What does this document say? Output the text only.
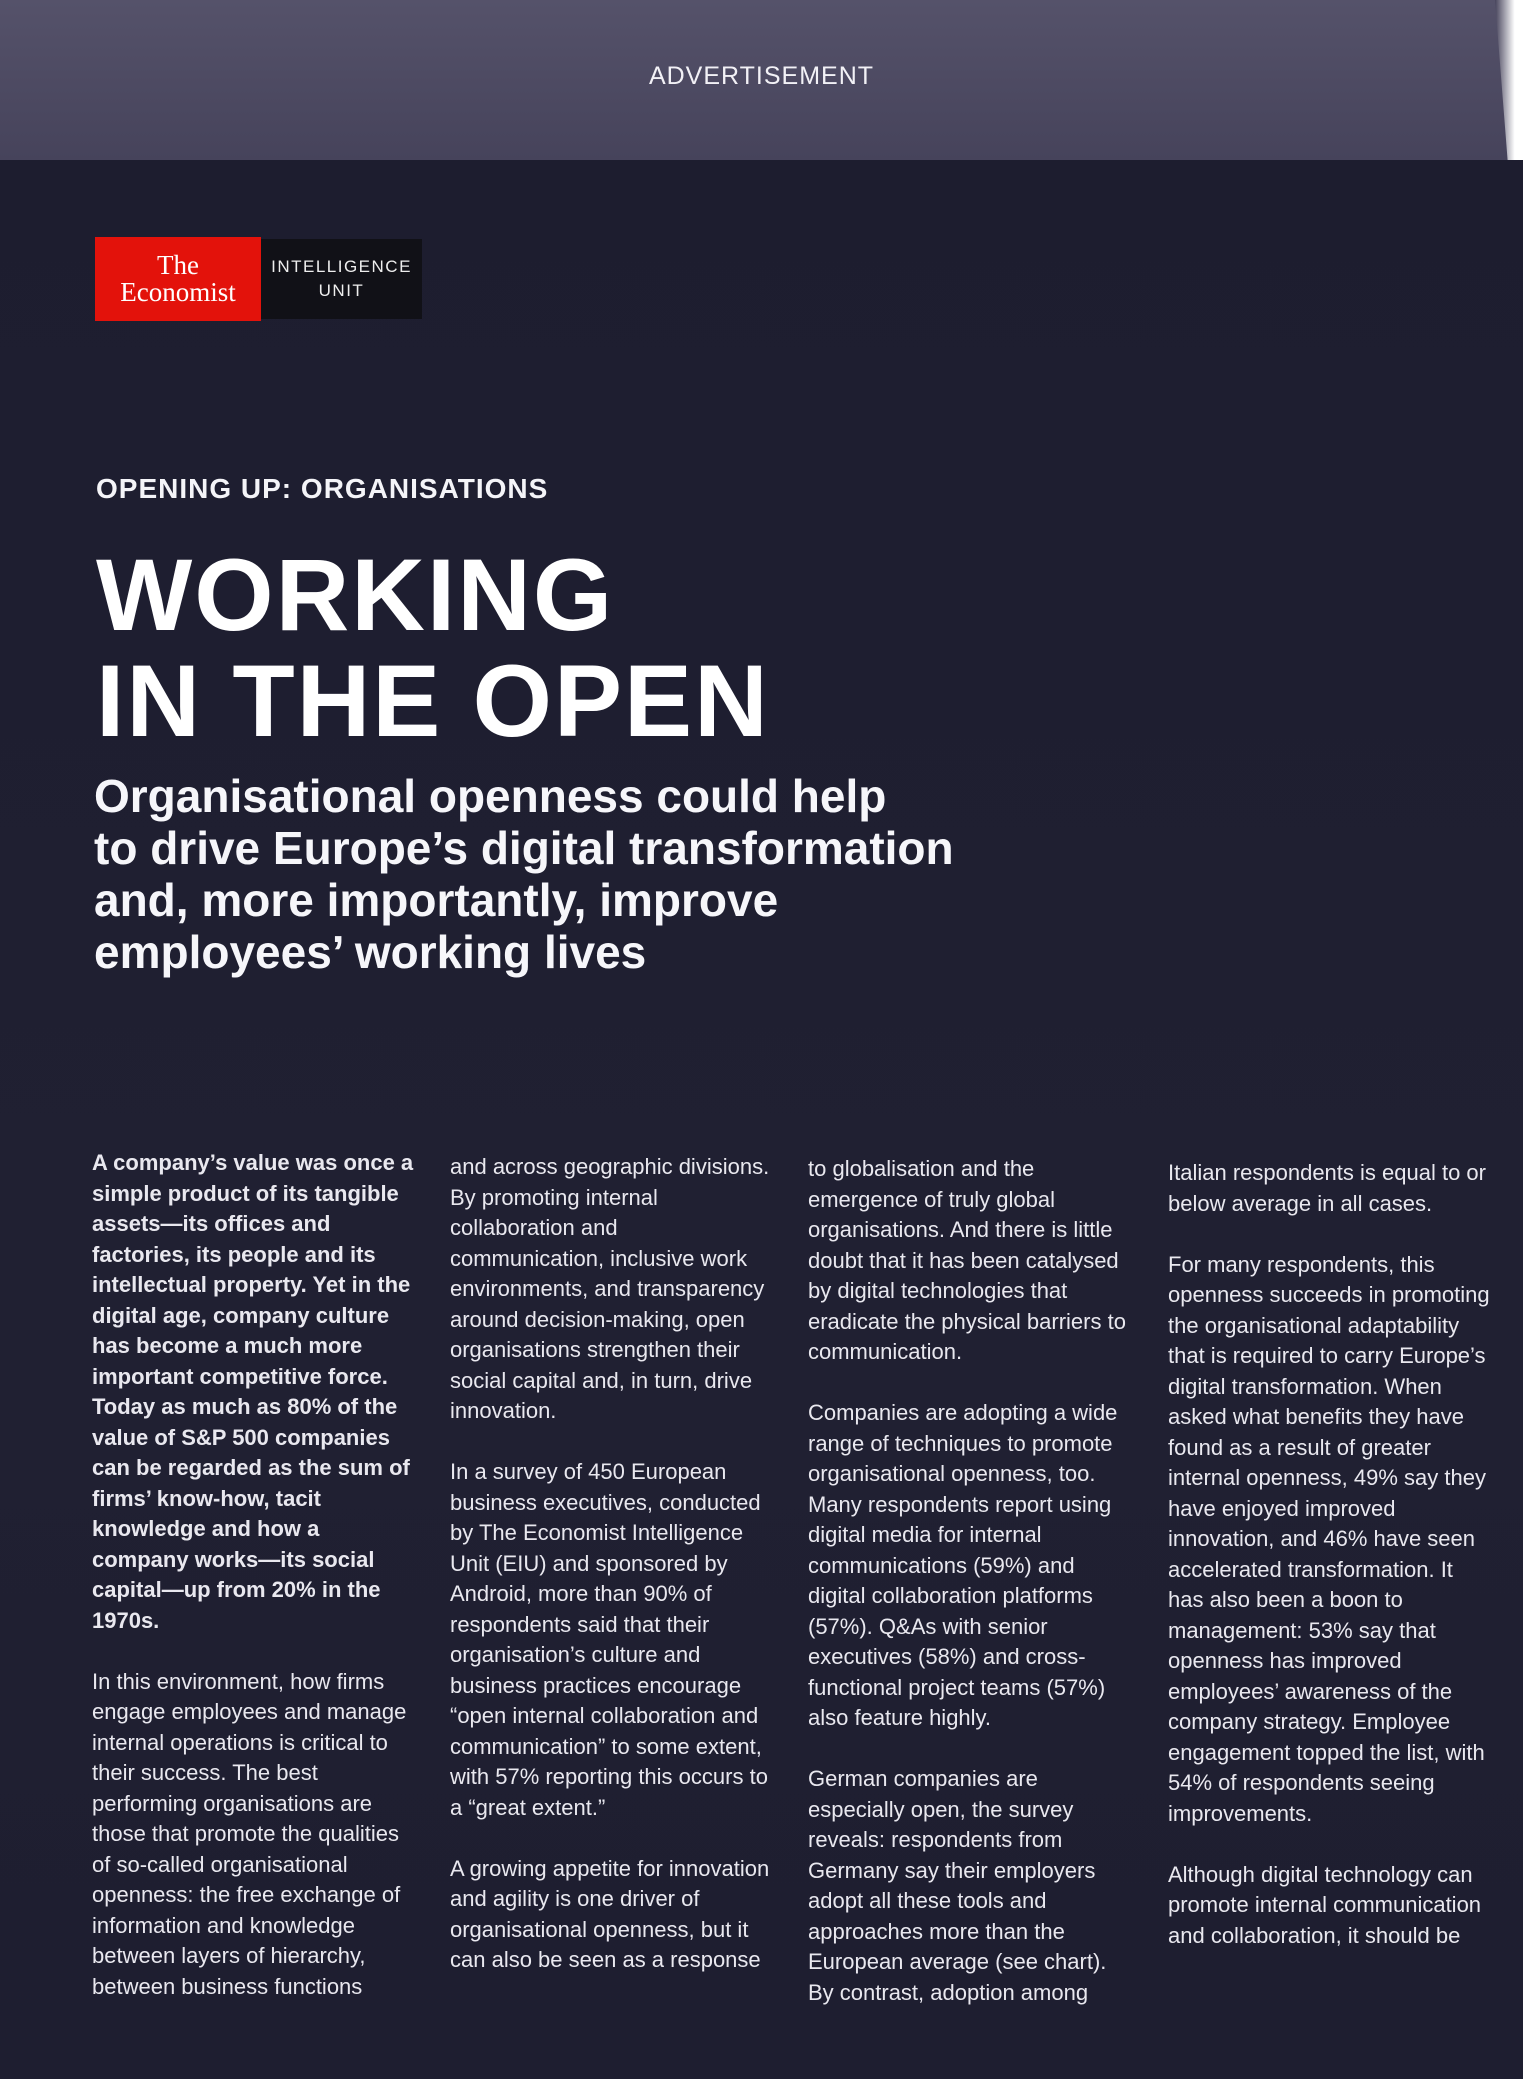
ADVERTISEMENT
The
Economist
INTELLIGENCE
UNIT
OPENING UP: ORGANISATIONS
WORKING
IN THE OPEN
Organisational openness could help
to drive Europe’s digital transformation
and, more importantly, improve
employees’ working lives

A company’s value was once a simple product of its tangible assets—its offices and factories, its people and its intellectual property. Yet in the digital age, company culture has become a much more important competitive force. Today as much as 80% of the value of S&P 500 companies can be regarded as the sum of firms’ know-how, tacit knowledge and how a company works—its social capital—up from 20% in the 1970s.

In this environment, how firms engage employees and manage internal operations is critical to their success. The best performing organisations are those that promote the qualities of so-called organisational openness: the free exchange of information and knowledge between layers of hierarchy, between business functions

and across geographic divisions. By promoting internal collaboration and communication, inclusive work environments, and transparency around decision-making, open organisations strengthen their social capital and, in turn, drive innovation.

In a survey of 450 European business executives, conducted by The Economist Intelligence Unit (EIU) and sponsored by Android, more than 90% of respondents said that their organisation’s culture and business practices encourage “open internal collaboration and communication” to some extent, with 57% reporting this occurs to a “great extent.”

A growing appetite for innovation and agility is one driver of organisational openness, but it can also be seen as a response

to globalisation and the emergence of truly global organisations. And there is little doubt that it has been catalysed by digital technologies that eradicate the physical barriers to communication.

Companies are adopting a wide range of techniques to promote organisational openness, too. Many respondents report using digital media for internal communications (59%) and digital collaboration platforms (57%). Q&As with senior executives (58%) and cross-functional project teams (57%) also feature highly.

German companies are especially open, the survey reveals: respondents from Germany say their employers adopt all these tools and approaches more than the European average (see chart). By contrast, adoption among

Italian respondents is equal to or below average in all cases.

For many respondents, this openness succeeds in promoting the organisational adaptability that is required to carry Europe’s digital transformation. When asked what benefits they have found as a result of greater internal openness, 49% say they have enjoyed improved innovation, and 46% have seen accelerated transformation. It has also been a boon to management: 53% say that openness has improved employees’ awareness of the company strategy. Employee engagement topped the list, with 54% of respondents seeing improvements.

Although digital technology can promote internal communication and collaboration, it should be
